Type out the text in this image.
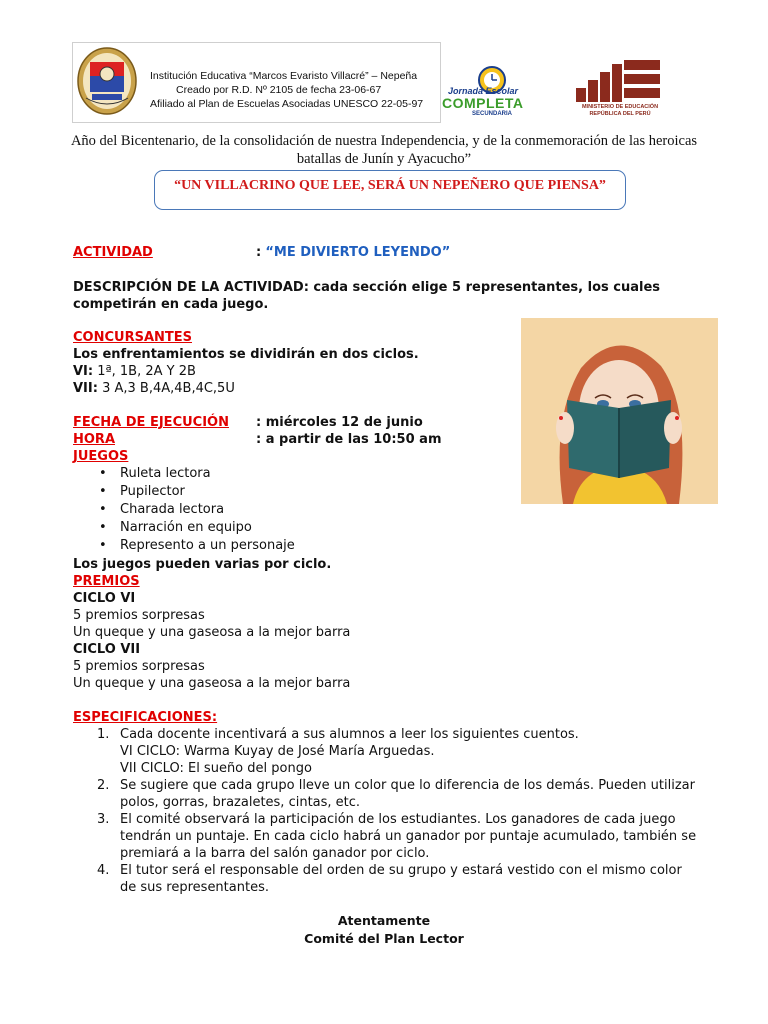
Institución Educativa “Marcos Evaristo Villacré” – Nepeña
Creado por R.D. Nº 2105 de fecha 23-06-67
Afiliado al Plan de Escuelas Asociadas UNESCO 22-05-97
Jornada Escolar
COMPLETA
SECUNDARIA
MINISTERIO DE EDUCACIÓN
REPÚBLICA DEL PERÚ
Año del Bicentenario, de la consolidación de nuestra Independencia, y de la conmemoración de las heroicas batallas de Junín y Ayacucho”
“UN VILLACRINO QUE LEE, SERÁ UN NEPEÑERO QUE PIENSA”
ACTIVIDAD	: “ME DIVIERTO LEYENDO”
DESCRIPCIÓN DE LA ACTIVIDAD: cada sección elige 5 representantes, los cuales
competirán en cada juego.
CONCURSANTES
Los enfrentamientos se dividirán en dos ciclos.
VI: 1ª, 1B, 2A Y 2B
VII: 3 A,3 B,4A,4B,4C,5U
FECHA DE EJECUCIÓN : miércoles 12 de junio
HORA	: a partir de las 10:50 am
JUEGOS
• Ruleta lectora
• Pupilector
• Charada lectora
• Narración en equipo
• Represento a un personaje
Los juegos pueden varias por ciclo.
PREMIOS
CICLO VI
5 premios sorpresas
Un queque y una gaseosa a la mejor barra
CICLO VII
5 premios sorpresas
Un queque y una gaseosa a la mejor barra
ESPECIFICACIONES:
1. Cada docente incentivará a sus alumnos a leer los siguientes cuentos.
VI CICLO: Warma Kuyay de José María Arguedas.
VII CICLO: El sueño del pongo
2. Se sugiere que cada grupo lleve un color que lo diferencia de los demás. Pueden utilizar
polos, gorras, brazaletes, cintas, etc.
3. El comité observará la participación de los estudiantes. Los ganadores de cada juego
tendrán un puntaje. En cada ciclo habrá un ganador por puntaje acumulado, también se
premiará a la barra del salón ganador por ciclo.
4. El tutor será el responsable del orden de su grupo y estará vestido con el mismo color
de sus representantes.
Atentamente
Comité del Plan Lector
